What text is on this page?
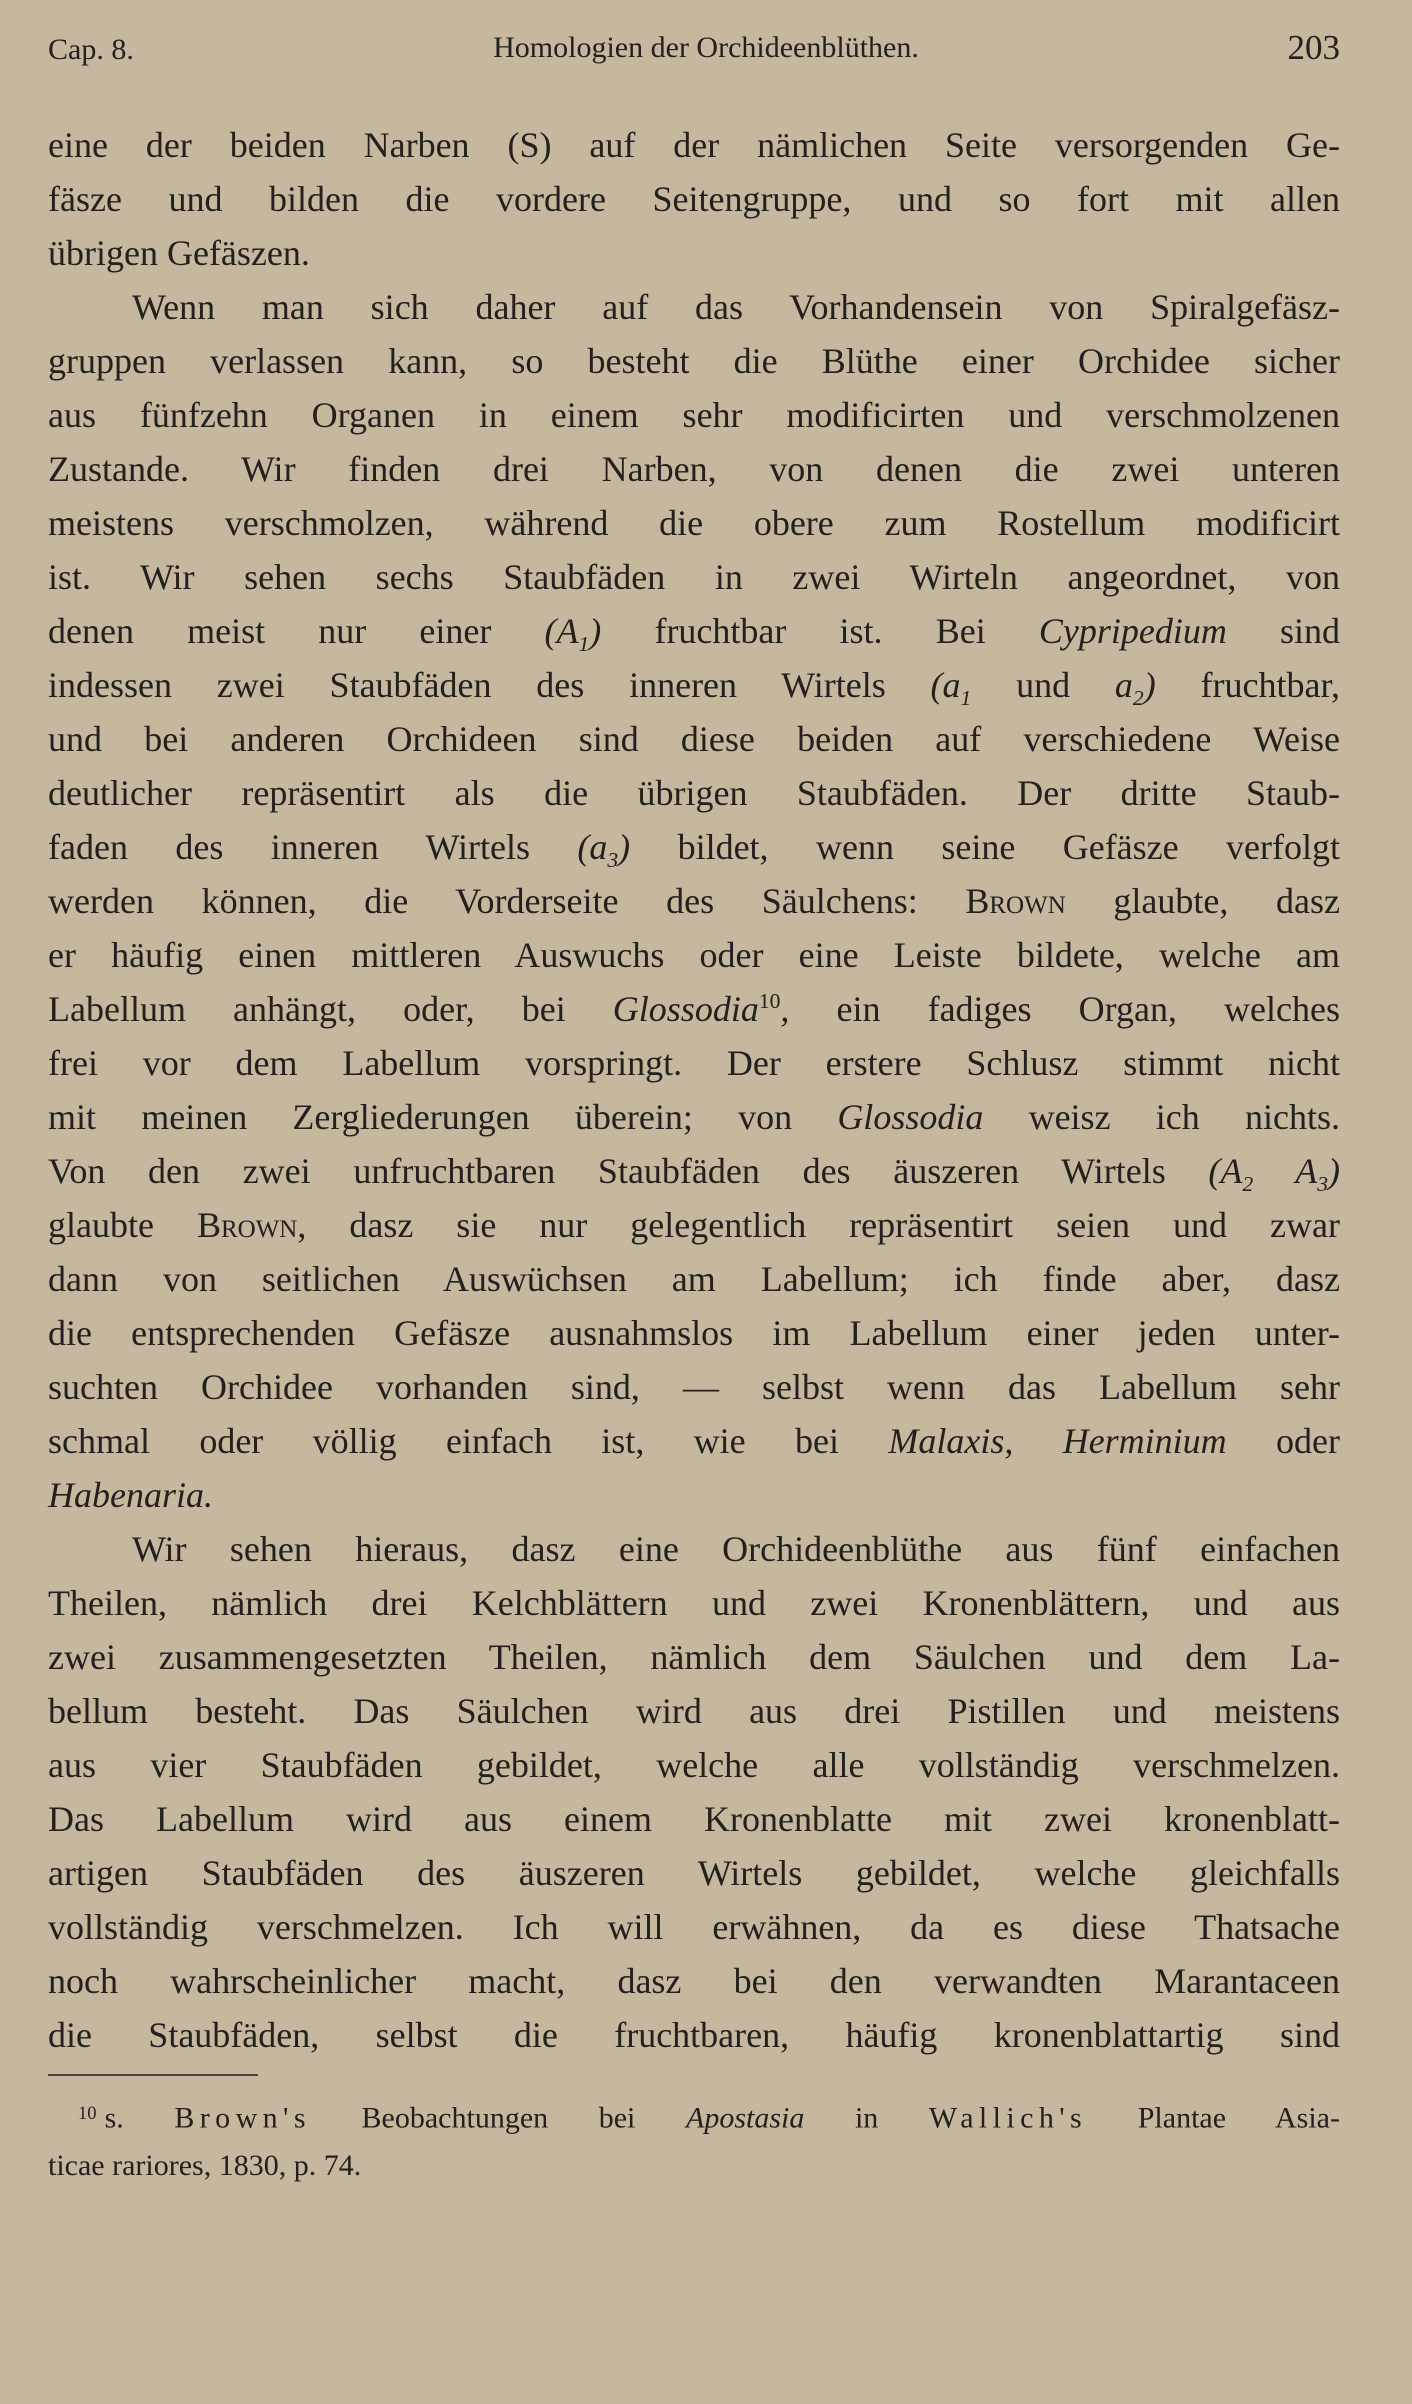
Cap. 8.	Homologien der Orchideenblüthen.	203

eine der beiden Narben (S) auf der nämlichen Seite versorgenden Ge-

fäsze und bilden die vordere Seitengruppe, und so fort mit allen

übrigen Gefäszen.

Wenn man sich daher auf das Vorhandensein von Spiralgefäsz-

gruppen verlassen kann, so besteht die Blüthe einer Orchidee sicher

aus fünfzehn Organen in einem sehr modificirten und verschmolzenen

Zustande. Wir finden drei Narben, von denen die zwei unteren

meistens verschmolzen, während die obere zum Rostellum modificirt

ist. Wir sehen sechs Staubfäden in zwei Wirteln angeordnet, von

denen meist nur einer $(A_1)$ fruchtbar ist. Bei Cypripedium sind

indessen zwei Staubfäden des inneren Wirtels ($a_1$ und $a_2$) fruchtbar,

und bei anderen Orchideen sind diese beiden auf verschiedene Weise

deutlicher repräsentirt als die übrigen Staubfäden. Der dritte Staub-

faden des inneren Wirtels $(a_3)$ bildet, wenn seine Gefäsze verfolgt

werden können, die Vorderseite des Säulchens: Brown glaubte, dasz

er häufig einen mittleren Auswuchs oder eine Leiste bildete, welche am

Labellum anhängt, oder, bei Glossodia$^{10}$, ein fadiges Organ, welches

frei vor dem Labellum vorspringt. Der erstere Schlusz stimmt nicht

mit meinen Zergliederungen überein; von Glossodia weisz ich nichts.

Von den zwei unfruchtbaren Staubfäden des äuszeren Wirtels ($A_2$ $A_3$)

glaubte Brown, dasz sie nur gelegentlich repräsentirt seien und zwar

dann von seitlichen Auswüchsen am Labellum; ich finde aber, dasz

die entsprechenden Gefäsze ausnahmslos im Labellum einer jeden unter-

suchten Orchidee vorhanden sind, — selbst wenn das Labellum sehr

schmal oder völlig einfach ist, wie bei Malaxis, Herminium oder

Habenaria.

Wir sehen hieraus, dasz eine Orchideenblüthe aus fünf einfachen

Theilen, nämlich drei Kelchblättern und zwei Kronenblättern, und aus

zwei zusammengesetzten Theilen, nämlich dem Säulchen und dem La-

bellum besteht. Das Säulchen wird aus drei Pistillen und meistens

aus vier Staubfäden gebildet, welche alle vollständig verschmelzen.

Das Labellum wird aus einem Kronenblatte mit zwei kronenblatt-

artigen Staubfäden des äuszeren Wirtels gebildet, welche gleichfalls

vollständig verschmelzen. Ich will erwähnen, da es diese Thatsache

noch wahrscheinlicher macht, dasz bei den verwandten Marantaceen

die Staubfäden, selbst die fruchtbaren, häufig kronenblattartig sind

$^{10}$ s. Brown's Beobachtungen bei Apostasia in Wallich's Plantae Asia-

ticae rariores, 1830, p. 74.
